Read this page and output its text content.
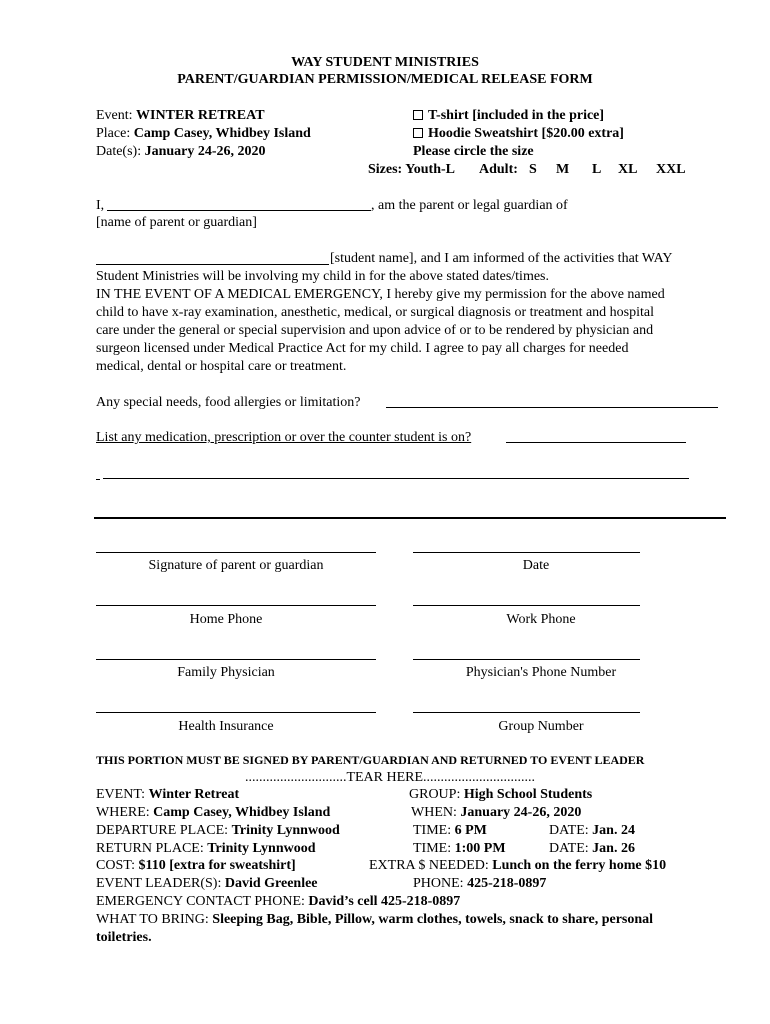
WAY STUDENT MINISTRIES
PARENT/GUARDIAN PERMISSION/MEDICAL RELEASE FORM
Event: WINTER RETREAT
Place: Camp Casey, Whidbey Island
Date(s): January 24-26, 2020
T-shirt [included in the price]
Hoodie Sweatshirt [$20.00 extra]
Please circle the size
Sizes: Youth-L Adult: S M L XL XXL
I,	, am the parent or legal guardian of
[name of parent or guardian]
[student name], and I am informed of the activities that WAY
Student Ministries will be involving my child in for the above stated dates/times.
IN THE EVENT OF A MEDICAL EMERGENCY, I hereby give my permission for the above named
child to have x-ray examination, anesthetic, medical, or surgical diagnosis or treatment and hospital
care under the general or special supervision and upon advice of or to be rendered by physician and
surgeon licensed under Medical Practice Act for my child. I agree to pay all charges for needed
medical, dental or hospital care or treatment.
Any special needs, food allergies or limitation?
List any medication, prescription or over the counter student is on?
Signature of parent or guardian	Date
Home Phone	Work Phone
Family Physician	Physician's Phone Number
Health Insurance	Group Number
THIS PORTION MUST BE SIGNED BY PARENT/GUARDIAN AND RETURNED TO EVENT LEADER
.............................TEAR HERE................................
EVENT: Winter Retreat	GROUP: High School Students
WHERE: Camp Casey, Whidbey Island	WHEN: January 24-26, 2020
DEPARTURE PLACE: Trinity Lynnwood	TIME: 6 PM	DATE: Jan. 24
RETURN PLACE: Trinity Lynnwood	TIME: 1:00 PM	DATE: Jan. 26
COST: $110 [extra for sweatshirt]	EXTRA $ NEEDED: Lunch on the ferry home $10
EVENT LEADER(S): David Greenlee	PHONE: 425-218-0897
EMERGENCY CONTACT PHONE: David’s cell 425-218-0897
WHAT TO BRING: Sleeping Bag, Bible, Pillow, warm clothes, towels, snack to share, personal
toiletries.
